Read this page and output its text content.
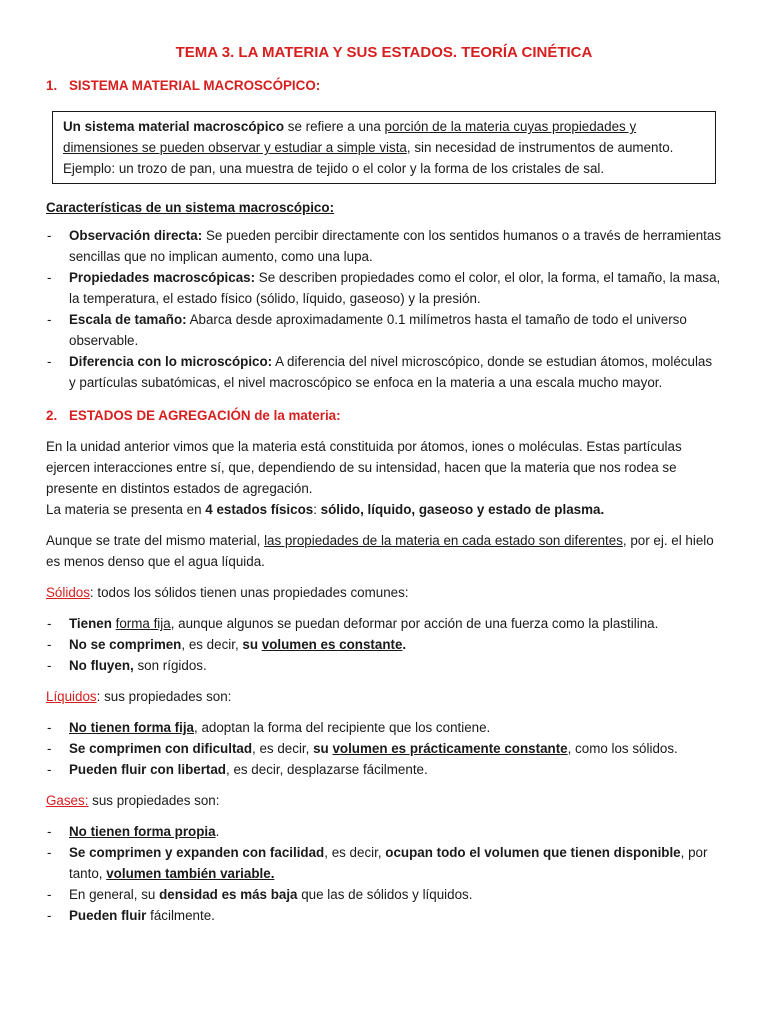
TEMA 3. LA MATERIA Y SUS ESTADOS. TEORÍA CINÉTICA
1. SISTEMA MATERIAL MACROSCÓPICO:

Un sistema material macroscópico se refiere a una porción de la materia cuyas propiedades y dimensiones se pueden observar y estudiar a simple vista, sin necesidad de instrumentos de aumento. Ejemplo: un trozo de pan, una muestra de tejido o el color y la forma de los cristales de sal.

Características de un sistema macroscópico:
- Observación directa: Se pueden percibir directamente con los sentidos humanos o a través de herramientas sencillas que no implican aumento, como una lupa.
- Propiedades macroscópicas: Se describen propiedades como el color, el olor, la forma, el tamaño, la masa, la temperatura, el estado físico (sólido, líquido, gaseoso) y la presión.
- Escala de tamaño: Abarca desde aproximadamente 0.1 milímetros hasta el tamaño de todo el universo observable.
- Diferencia con lo microscópico: A diferencia del nivel microscópico, donde se estudian átomos, moléculas y partículas subatómicas, el nivel macroscópico se enfoca en la materia a una escala mucho mayor.
2. ESTADOS DE AGREGACIÓN de la materia:

En la unidad anterior vimos que la materia está constituida por átomos, iones o moléculas. Estas partículas ejercen interacciones entre sí, que, dependiendo de su intensidad, hacen que la materia que nos rodea se presente en distintos estados de agregación.

La materia se presenta en 4 estados físicos: sólido, líquido, gaseoso y estado de plasma.

Aunque se trate del mismo material, las propiedades de la materia en cada estado son diferentes, por ej. el hielo es menos denso que el agua líquida.

Sólidos: todos los sólidos tienen unas propiedades comunes:

- Tienen forma fija, aunque algunos se puedan deformar por acción de una fuerza como la plastilina.
- No se comprimen, es decir, su volumen es constante.
- No fluyen, son rígidos.

Líquidos: sus propiedades son:

- No tienen forma fija, adoptan la forma del recipiente que los contiene.
- Se comprimen con dificultad, es decir, su volumen es prácticamente constante, como los sólidos.
- Pueden fluir con libertad, es decir, desplazarse fácilmente.

Gases: sus propiedades son:

- No tienen forma propia.
- Se comprimen y expanden con facilidad, es decir, ocupan todo el volumen que tienen disponible, por tanto, volumen también variable.
- En general, su densidad es más baja que las de sólidos y líquidos.
- Pueden fluir fácilmente.
